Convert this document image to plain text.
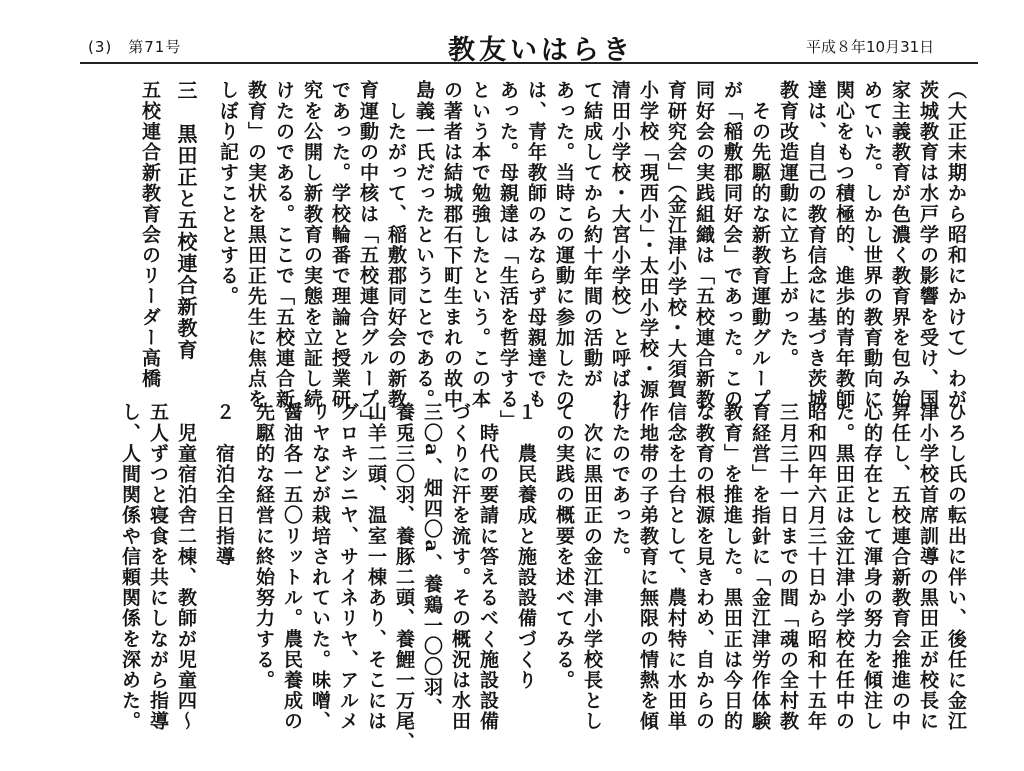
(3)　第71号	教友いはらき	平成８年10月31日
（大正末期から昭和にかけて）わが
茨城教育は水戸学の影響を受け、国
家主義教育が色濃く教育界を包み始
めていた。しかし世界の教育動向に
関心をもつ積極的、進歩的青年教師
達は、自己の教育信念に基づき茨城
教育改造運動に立ち上がった。
　その先駆的な新教育運動グループ
が「稲敷郡同好会」であった。この
同好会の実践組織は「五校連合新教
育研究会」（金江津小学校・大須賀
小学校「現西小」・太田小学校・源
清田小学校・大宮小学校）と呼ばれ
て結成してから約十年間の活動が
あった。当時この運動に参加したの
は、青年教師のみならず母親達でも
あった。母親達は「生活を哲学する」
という本で勉強したという。この本
の著者は結城郡石下町生まれの故中
島義一氏だったということである。
　したがって、稲敷郡同好会の新教
育運動の中核は「五校連合グループ」
であった。学校輪番で理論と授業研
究を公開し新教育の実態を立証し続
けたのである。ここで「五校連合新
教育」の実状を黒田正先生に焦点を
しぼり記すこととする。
三　黒田正と五校連合新教育
五校連合新教育会のリーダー高橋
ひろし氏の転出に伴い、後任に金江
津小学校首席訓導の黒田正が校長に
昇任し、五校連合新教育会推進の中
心的存在として渾身の努力を傾注し
た。黒田正は金江津小学校在任中の
昭和四年六月三十日から昭和十五年
三月三十一日までの間「魂の全村教
育経営」を指針に「金江津労作体験
教育」を推進した。黒田正は今日的
な教育の根源を見きわめ、自からの
信念を土台として、農村特に水田単
作地帯の子弟教育に無限の情熱を傾
けたのであった。
　次に黒田正の金江津小学校長とし
ての実践の概要を述べてみる。
１　農民養成と施設設備づくり
　時代の要請に答えるべく施設設備
づくりに汗を流す。その概況は水田
三〇a、畑四〇a、養鶏一〇〇羽、
養兎三〇羽、養豚二頭、養鯉一万尾、
山羊二頭、温室一棟あり、そこには
グロキシニヤ、サイネリヤ、アルメ
リヤなどが栽培されていた。味噌、
醤油各一五〇リットル。農民養成の
先駆的な経営に終始努力する。
２　宿泊全日指導
　児童宿泊舎二棟、教師が児童四～
五人ずつと寝食を共にしながら指導
し、人間関係や信頼関係を深めた。
